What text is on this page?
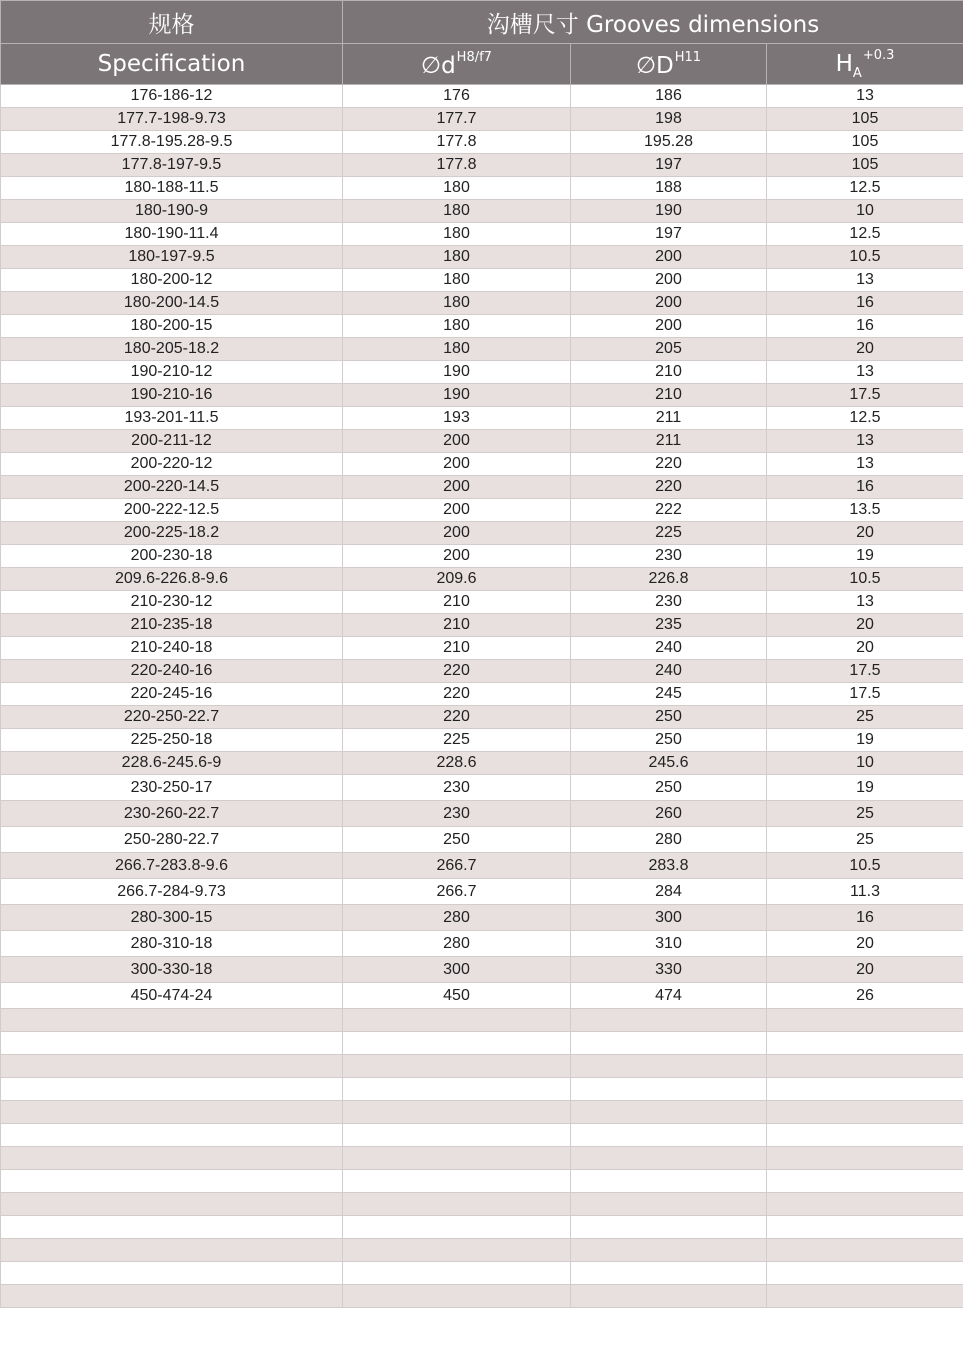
规格	沟槽尺寸 Grooves dimensions		
Specification	$\emptyset d^{H8/f7}$	$\emptyset D^{H11}$	$H_A^{+0.3}$
176-186-12	176	186	13
177.7-198-9.73	177.7	198	105
177.8-195.28-9.5	177.8	195.28	105
177.8-197-9.5	177.8	197	105
180-188-11.5	180	188	12.5
180-190-9	180	190	10
180-190-11.4	180	197	12.5
180-197-9.5	180	200	10.5
180-200-12	180	200	13
180-200-14.5	180	200	16
180-200-15	180	200	16
180-205-18.2	180	205	20
190-210-12	190	210	13
190-210-16	190	210	17.5
193-201-11.5	193	211	12.5
200-211-12	200	211	13
200-220-12	200	220	13
200-220-14.5	200	220	16
200-222-12.5	200	222	13.5
200-225-18.2	200	225	20
200-230-18	200	230	19
209.6-226.8-9.6	209.6	226.8	10.5
210-230-12	210	230	13
210-235-18	210	235	20
210-240-18	210	240	20
220-240-16	220	240	17.5
220-245-16	220	245	17.5
220-250-22.7	220	250	25
225-250-18	225	250	19
228.6-245.6-9	228.6	245.6	10
230-250-17	230	250	19
230-260-22.7	230	260	25
250-280-22.7	250	280	25
266.7-283.8-9.6	266.7	283.8	10.5
266.7-284-9.73	266.7	284	11.3
280-300-15	280	300	16
280-310-18	280	310	20
300-330-18	300	330	20
450-474-24	450	474	26
